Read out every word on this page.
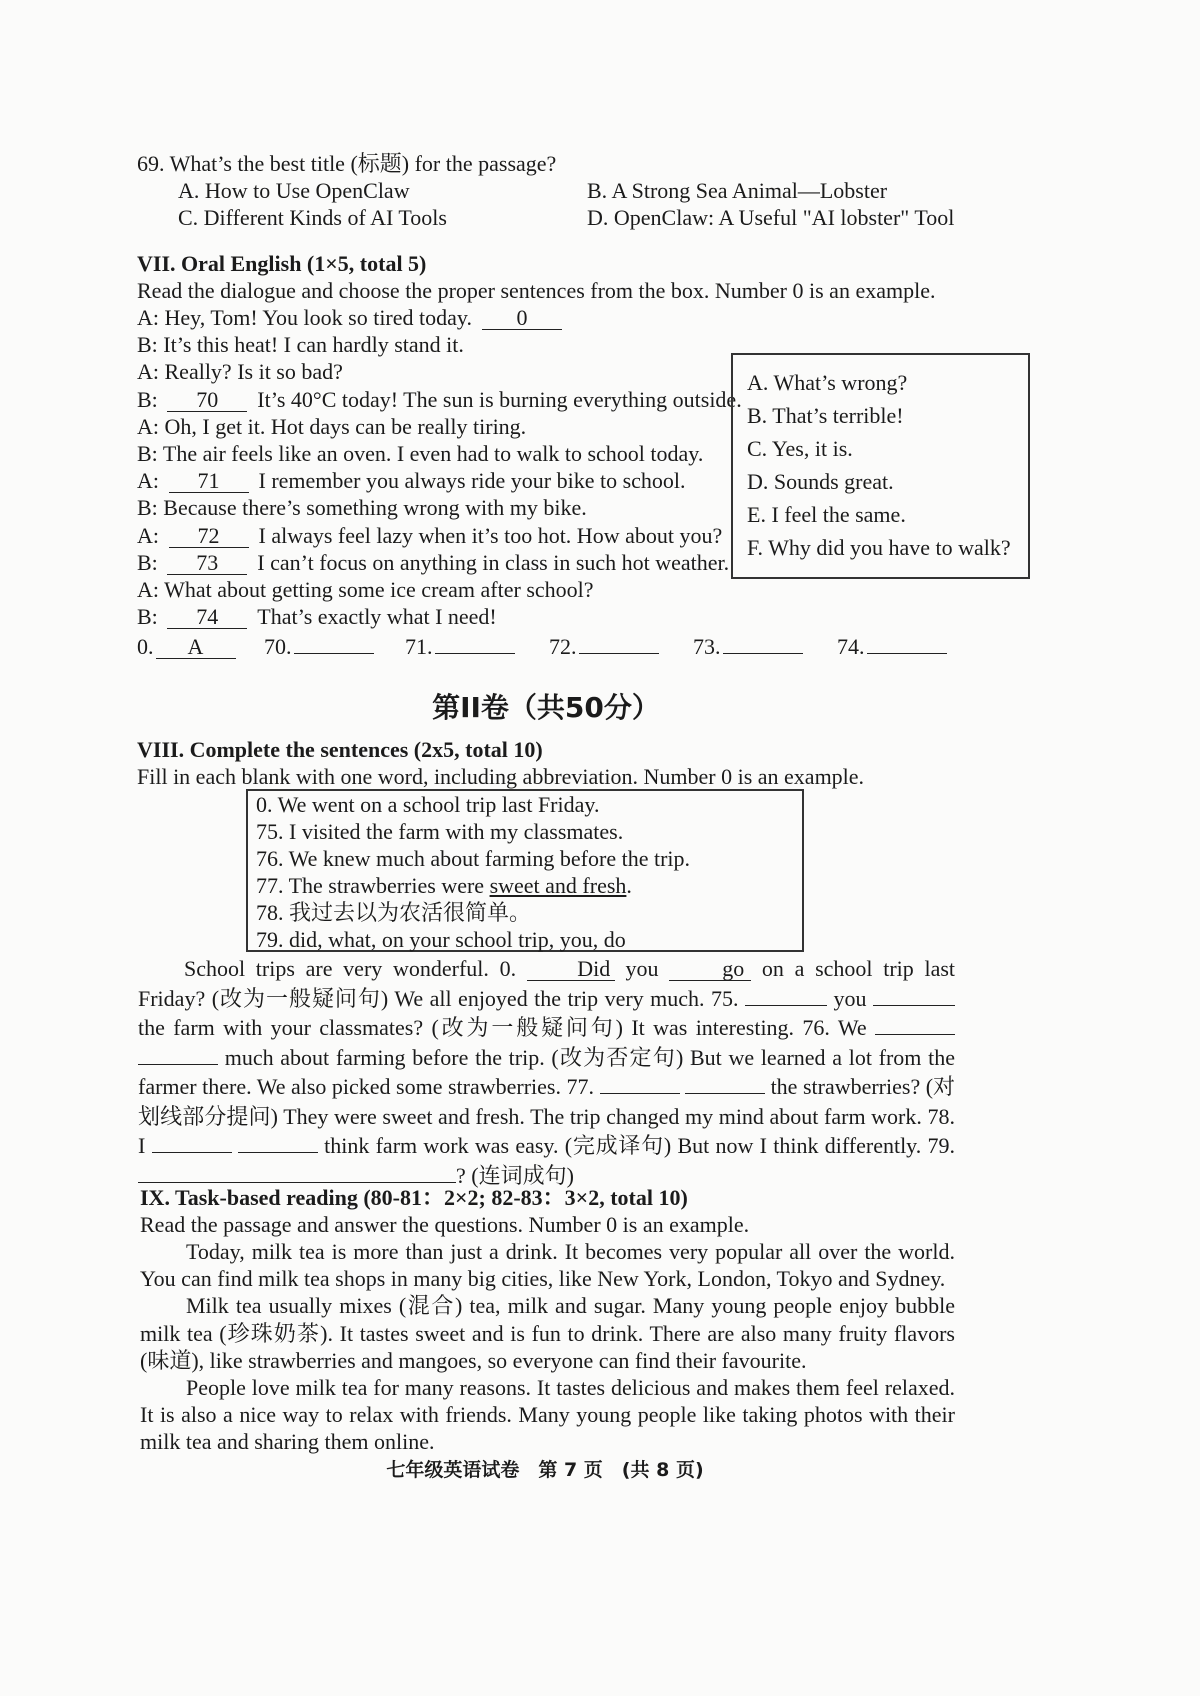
69. What’s the best title (标题) for the passage?
A. How to Use OpenClaw	B. A Strong Sea Animal—Lobster
C. Different Kinds of AI Tools	D. OpenClaw: A Useful "AI lobster" Tool
VII. Oral English (1×5, total 5)
Read the dialogue and choose the proper sentences from the box. Number 0 is an example.
A: Hey, Tom! You look so tired today. 0
B: It’s this heat! I can hardly stand it.
A: Really? Is it so bad?
B: 70 It’s 40°C today! The sun is burning everything outside.
A: Oh, I get it. Hot days can be really tiring.
B: The air feels like an oven. I even had to walk to school today.
A: 71 I remember you always ride your bike to school.
B: Because there’s something wrong with my bike.
A: 72 I always feel lazy when it’s too hot. How about you?
B: 73 I can’t focus on anything in class in such hot weather.
A: What about getting some ice cream after school?
B: 74 That’s exactly what I need!
A. What’s wrong?
B. That’s terrible!
C. Yes, it is.
D. Sounds great.
E. I feel the same.
F. Why did you have to walk?
0. A	70.	71.	72.	73.	74.
第II卷（共50分）
VIII. Complete the sentences (2x5, total 10)
Fill in each blank with one word, including abbreviation. Number 0 is an example.
0. We went on a school trip last Friday.
75. I visited the farm with my classmates.
76. We knew much about farming before the trip.
77. The strawberries were sweet and fresh.
78. 我过去以为农活很简单。
79. did, what, on your school trip, you, do

School trips are very wonderful. 0.	Did you	go on a school trip last Friday? (改为一般疑问句) We all enjoyed the trip very much. 75.	you  the farm with your classmates? (改为一般疑问句) It was interesting. 76. We   much about farming before the trip. (改为否定句) But we learned a lot from the farmer there. We also picked some strawberries. 77.	the strawberries? (对划线部分提问) They were sweet and fresh. The trip changed my mind about farm work. 78. I	think farm work was easy. (完成译句) But now I think differently. 79. ? (连词成句)

IX. Task-based reading (80-81：2×2; 82-83：3×2, total 10)
Read the passage and answer the questions. Number 0 is an example.

Today, milk tea is more than just a drink. It becomes very popular all over the world. You can find milk tea shops in many big cities, like New York, London, Tokyo and Sydney.

Milk tea usually mixes (混合) tea, milk and sugar. Many young people enjoy bubble milk tea (珍珠奶茶). It tastes sweet and is fun to drink. There are also many fruity flavors (味道), like strawberries and mangoes, so everyone can find their favourite.

People love milk tea for many reasons. It tastes delicious and makes them feel relaxed. It is also a nice way to relax with friends. Many young people like taking photos with their milk tea and sharing them online.

七年级英语试卷　第 7 页　(共 8 页)
